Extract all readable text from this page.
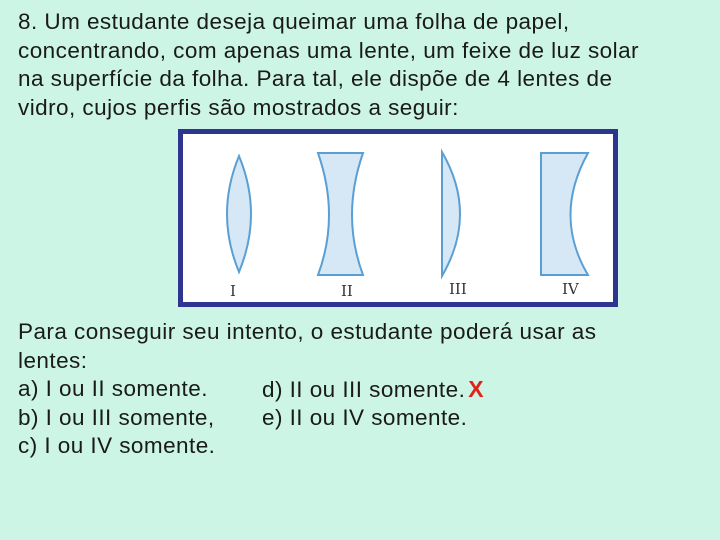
8. Um estudante deseja queimar uma folha de papel,
concentrando, com apenas uma lente, um feixe de luz solar
na superfície da folha. Para tal, ele dispõe de 4 lentes de
vidro, cujos perfis são mostrados a seguir:
I	II	III	IV
Para conseguir seu intento, o estudante poderá usar as
lentes:
a) I ou II somente. d) II ou III somente. X
b) I ou III somente, e) II ou IV somente.
c) I ou IV somente.
